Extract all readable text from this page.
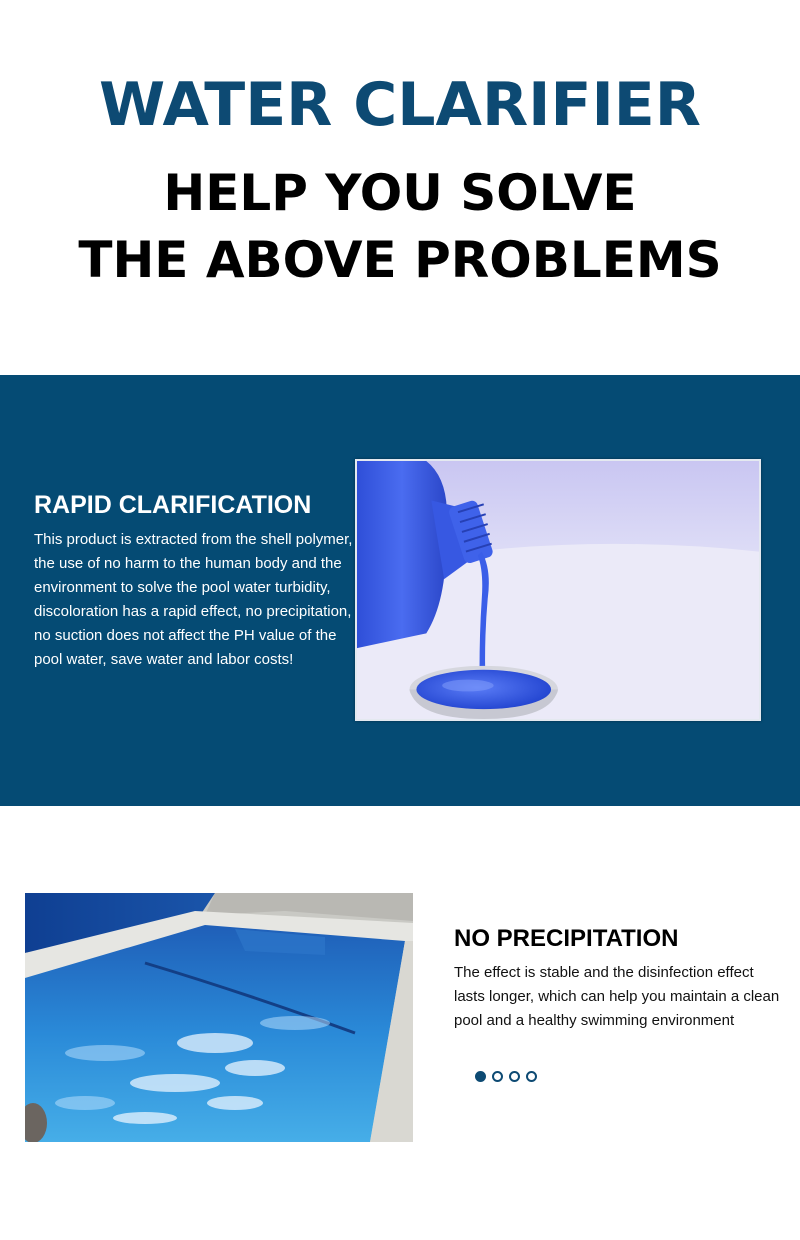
WATER CLARIFIER
HELP YOU SOLVE
THE ABOVE PROBLEMS
RAPID CLARIFICATION

This product is extracted from the shell polymer, the use of no harm to the human body and the environment to solve the pool water turbidity, discoloration has a rapid effect, no precipitation, no suction does not affect the PH value of the pool water, save water and labor costs!

NO PRECIPITATION

The effect is stable and the disinfection effect lasts longer, which can help you maintain a clean pool and a healthy swimming environment
